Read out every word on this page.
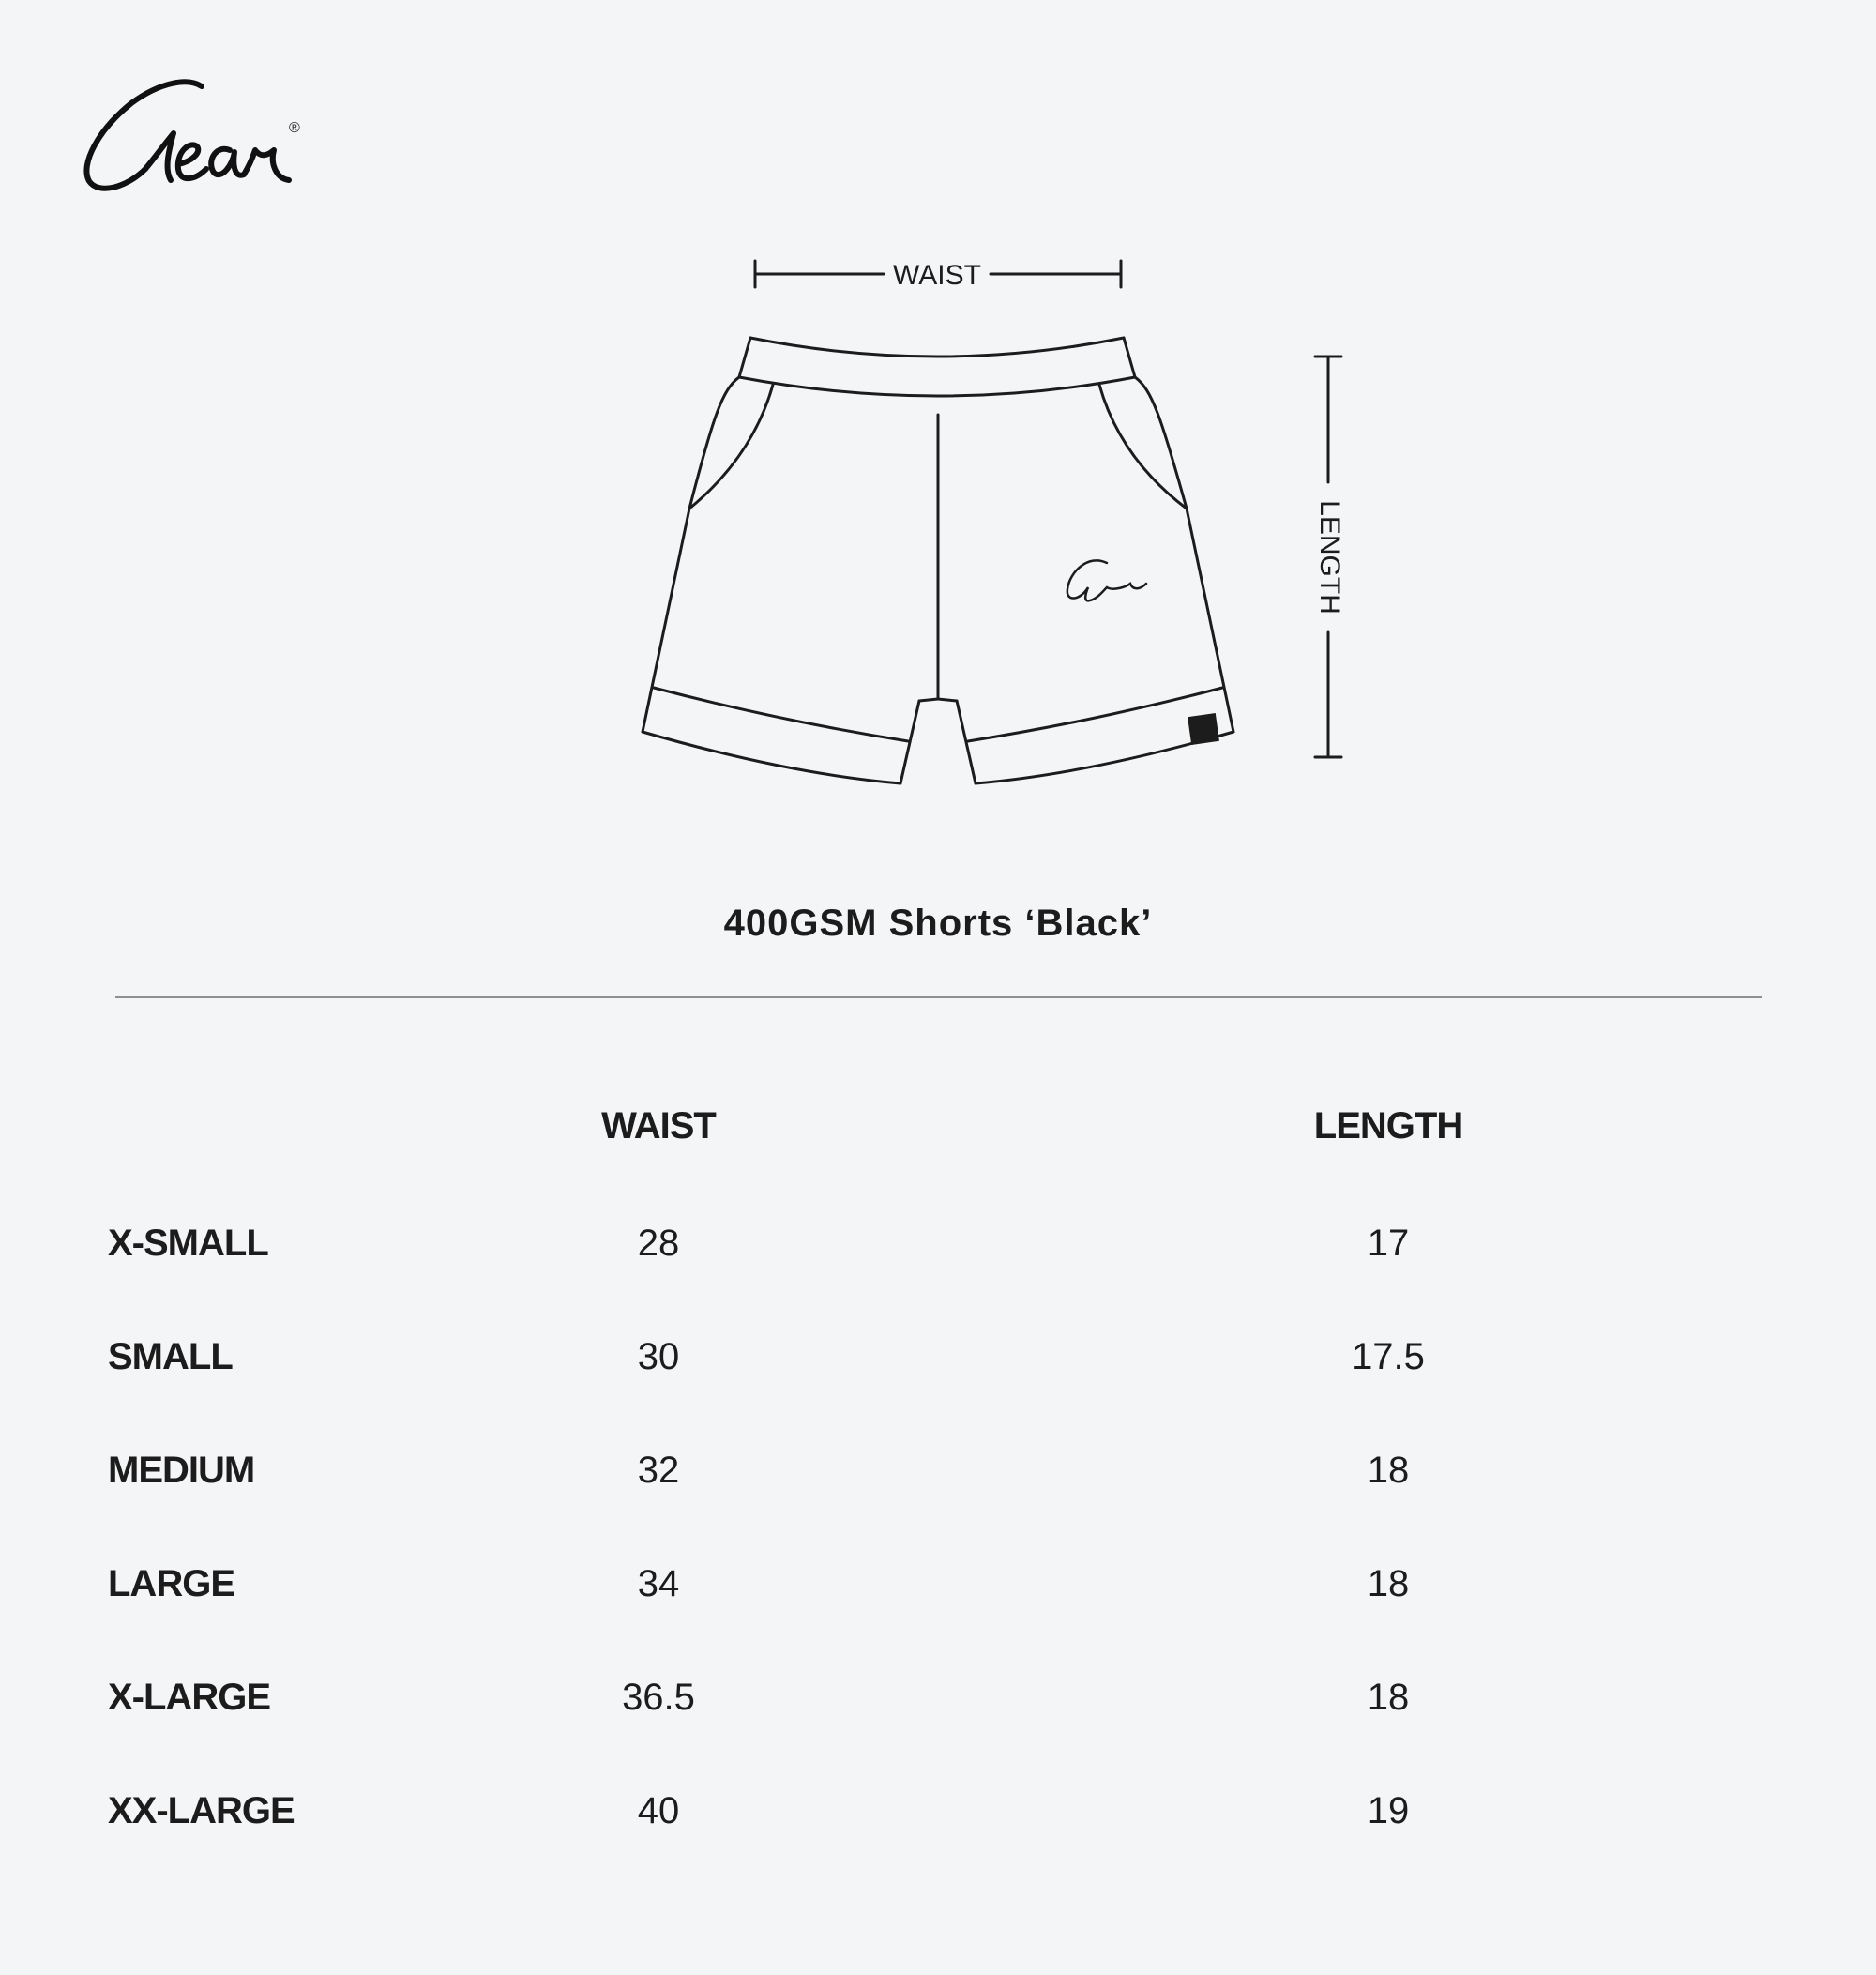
®
WAIST
LENGTH
400GSM Shorts ‘Black’
WAIST	LENGTH
X-SMALL	28	17
SMALL	30	17.5
MEDIUM	32	18
LARGE	34	18
X-LARGE	36.5	18
XX-LARGE	40	19
